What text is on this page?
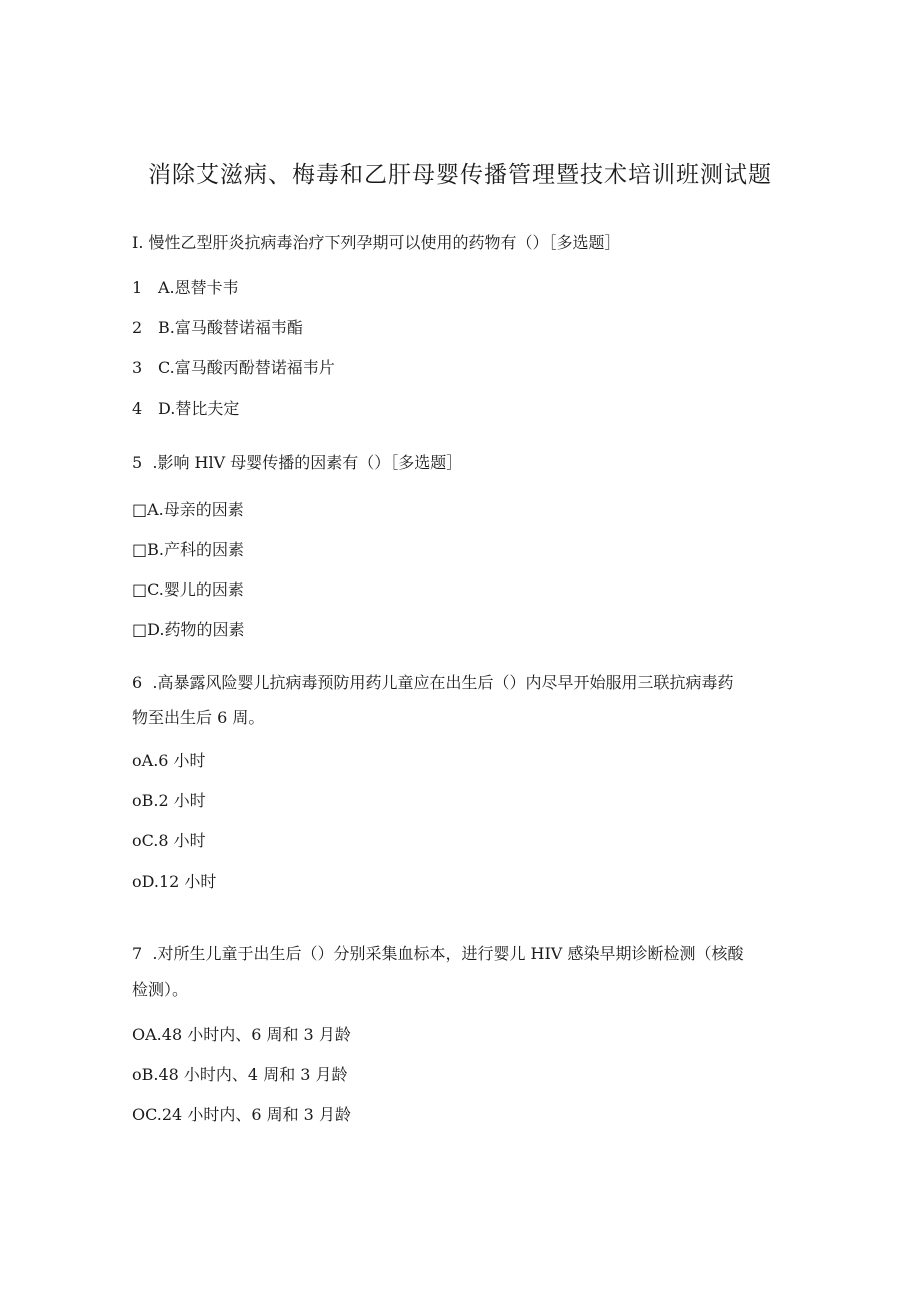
消除艾滋病、梅毒和乙肝母婴传播管理暨技术培训班测试题
I. 慢性乙型肝炎抗病毒治疗下列孕期可以使用的药物有（）［多选题］
1 A.恩替卡韦
2 B.富马酸替诺福韦酯
3 C.富马酸丙酚替诺福韦片
4 D.替比夫定
5  .影响 HlV 母婴传播的因素有（）［多选题］
□A.母亲的因素
□B.产科的因素
□C.婴儿的因素
□D.药物的因素
6  .高暴露风险婴儿抗病毒预防用药儿童应在出生后（）内尽早开始服用三联抗病毒药
物至出生后 6 周。
oA.6 小时
oB.2 小时
oC.8 小时
oD.12 小时
7  .对所生儿童于出生后（）分别采集血标本，进行婴儿 HIV 感染早期诊断检测（核酸
检测）。
OA.48 小时内、6 周和 3 月龄
oB.48 小时内、4 周和 3 月龄
OC.24 小时内、6 周和 3 月龄
